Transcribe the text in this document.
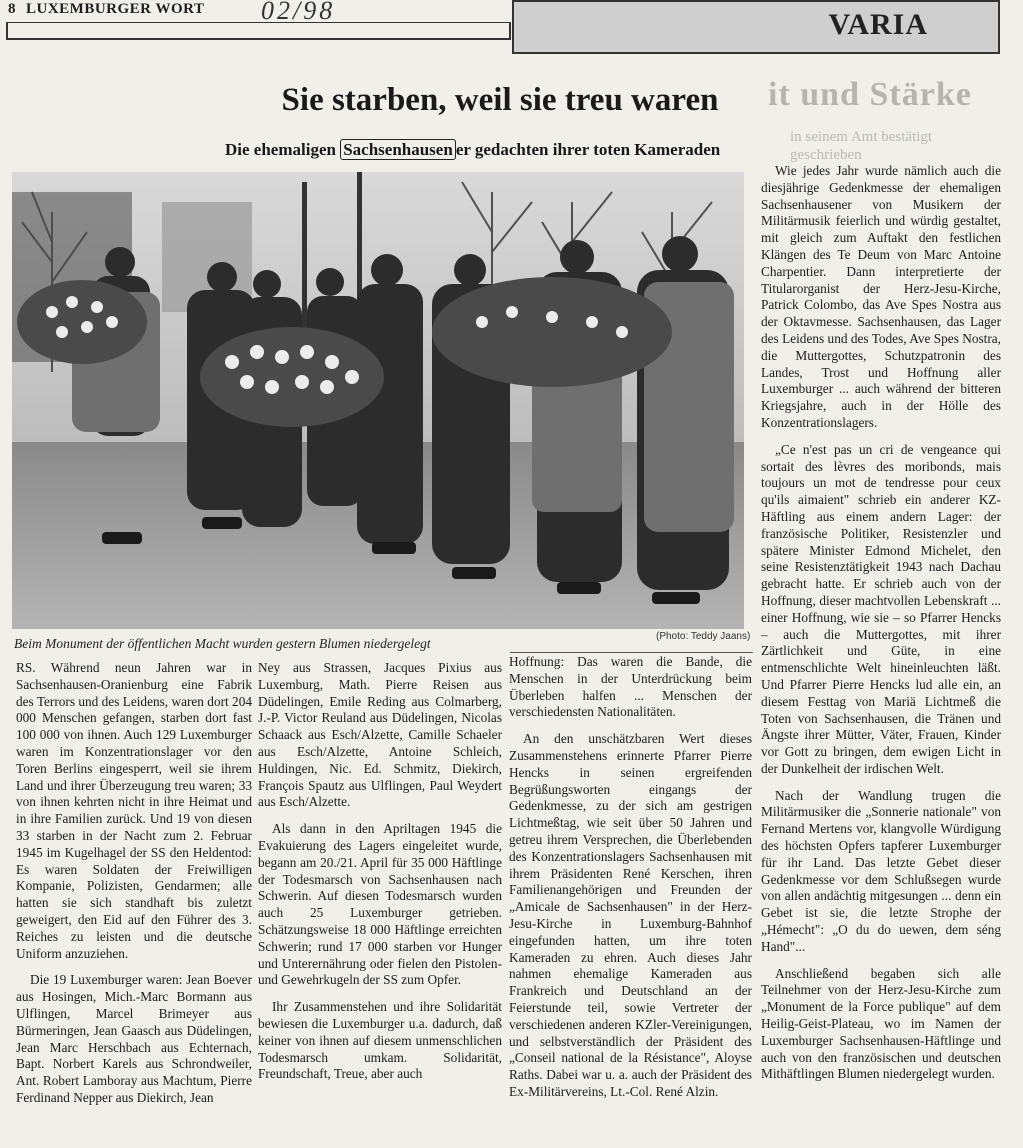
8 LUXEMBURGER WORT 02/98	VARIA
it und Stärke
in seinem Amt bestätigt
geschrieben
Sie starben, weil sie treu waren
Die ehemaligen Sachsenhausen er gedachten ihrer toten Kameraden
Beim Monument der öffentlichen Macht wurden gestern Blumen niedergelegt	(Photo: Teddy Jaans)

RS. Während neun Jahren war in Sachsenhausen-Oranienburg eine Fabrik des Terrors und des Leidens, waren dort 204 000 Menschen gefangen, starben dort fast 100 000 von ihnen. Auch 129 Luxemburger waren im Konzentrationslager vor den Toren Berlins eingesperrt, weil sie ihrem Land und ihrer Überzeugung treu waren; 33 von ihnen kehrten nicht in ihre Heimat und in ihre Familien zurück. Und 19 von diesen 33 starben in der Nacht zum 2. Februar 1945 im Kugelhagel der SS den Heldentod: Es waren Soldaten der Freiwilligen Kompanie, Polizisten, Gendarmen; alle hatten sie sich standhaft bis zuletzt geweigert, den Eid auf den Führer des 3. Reiches zu leisten und die deutsche Uniform anzuziehen.

Die 19 Luxemburger waren: Jean Boever aus Hosingen, Mich.-Marc Bormann aus Ulflingen, Marcel Brimeyer aus Bürmeringen, Jean Gaasch aus Düdelingen, Jean Marc Herschbach aus Echternach, Bapt. Norbert Karels aus Schrondweiler, Ant. Robert Lamboray aus Machtum, Pierre Ferdinand Nepper aus Diekirch, Jean

Ney aus Strassen, Jacques Pixius aus Luxemburg, Math. Pierre Reisen aus Düdelingen, Emile Reding aus Colmarberg, J.-P. Victor Reuland aus Düdelingen, Nicolas Schaack aus Esch/Alzette, Camille Schaeler aus Esch/Alzette, Antoine Schleich, Huldingen, Nic. Ed. Schmitz, Diekirch, François Spautz aus Ulflingen, Paul Weydert aus Esch/Alzette.

Als dann in den Apriltagen 1945 die Evakuierung des Lagers eingeleitet wurde, begann am 20./21. April für 35 000 Häftlinge der Todesmarsch von Sachsenhausen nach Schwerin. Auf diesen Todesmarsch wurden auch 25 Luxemburger getrieben. Schätzungsweise 18 000 Häftlinge erreichten Schwerin; rund 17 000 starben vor Hunger und Unterernährung oder fielen den Pistolen- und Gewehrkugeln der SS zum Opfer.

Ihr Zusammenstehen und ihre Solidarität bewiesen die Luxemburger u.a. dadurch, daß keiner von ihnen auf diesem unmenschlichen Todesmarsch umkam. Solidarität, Freundschaft, Treue, aber auch

Hoffnung: Das waren die Bande, die Menschen in der Unterdrückung beim Überleben halfen ... Menschen der verschiedensten Nationalitäten.

An den unschätzbaren Wert dieses Zusammenstehens erinnerte Pfarrer Pierre Hencks in seinen ergreifenden Begrüßungsworten eingangs der Gedenkmesse, zu der sich am gestrigen Lichtmeßtag, wie seit über 50 Jahren und getreu ihrem Versprechen, die Überlebenden des Konzentrationslagers Sachsenhausen mit ihrem Präsidenten René Kerschen, ihren Familienangehörigen und Freunden der „Amicale de Sachsenhausen" in der Herz-Jesu-Kirche in Luxemburg-Bahnhof eingefunden hatten, um ihre toten Kameraden zu ehren. Auch dieses Jahr nahmen ehemalige Kameraden aus Frankreich und Deutschland an der Feierstunde teil, sowie Vertreter der verschiedenen anderen KZler-Vereinigungen, und selbstverständlich der Präsident des „Conseil national de la Résistance", Aloyse Raths. Dabei war u. a. auch der Präsident des Ex-Militärvereins, Lt.-Col. René Alzin.

Wie jedes Jahr wurde nämlich auch die diesjährige Gedenkmesse der ehemaligen Sachsenhausener von Musikern der Militärmusik feierlich und würdig gestaltet, mit gleich zum Auftakt den festlichen Klängen des Te Deum von Marc Antoine Charpentier. Dann interpretierte der Titularorganist der Herz-Jesu-Kirche, Patrick Colombo, das Ave Spes Nostra aus der Oktavmesse. Sachsenhausen, das Lager des Leidens und des Todes, Ave Spes Nostra, die Muttergottes, Schutzpatronin des Landes, Trost und Hoffnung aller Luxemburger ... auch während der bitteren Kriegsjahre, auch in der Hölle des Konzentrationslagers.

„Ce n'est pas un cri de vengeance qui sortait des lèvres des moribonds, mais toujours un mot de tendresse pour ceux qu'ils aimaient" schrieb ein anderer KZ-Häftling aus einem andern Lager: der französische Politiker, Resistenzler und spätere Minister Edmond Michelet, den seine Resistenztätigkeit 1943 nach Dachau gebracht hatte. Er schrieb auch von der Hoffnung, dieser machtvollen Lebenskraft ... einer Hoffnung, wie sie – so Pfarrer Hencks – auch die Muttergottes, mit ihrer Zärtlichkeit und Güte, in eine entmenschlichte Welt hineinleuchten läßt. Und Pfarrer Pierre Hencks lud alle ein, an diesem Festtag von Mariä Lichtmeß die Toten von Sachsenhausen, die Tränen und Ängste ihrer Mütter, Väter, Frauen, Kinder vor Gott zu bringen, dem ewigen Licht in der Dunkelheit der irdischen Welt.

Nach der Wandlung trugen die Militärmusiker die „Sonnerie nationale" von Fernand Mertens vor, klangvolle Würdigung des höchsten Opfers tapferer Luxemburger für ihr Land. Das letzte Gebet dieser Gedenkmesse vor dem Schlußsegen wurde von allen andächtig mitgesungen ... denn ein Gebet ist sie, die letzte Strophe der „Hémecht": „O du do uewen, dem séng Hand"...

Anschließend begaben sich alle Teilnehmer von der Herz-Jesu-Kirche zum „Monument de la Force publique" auf dem Heilig-Geist-Plateau, wo im Namen der Luxemburger Sachsenhausen-Häftlinge und auch von den französischen und deutschen Mithäftlingen Blumen niedergelegt wurden.
